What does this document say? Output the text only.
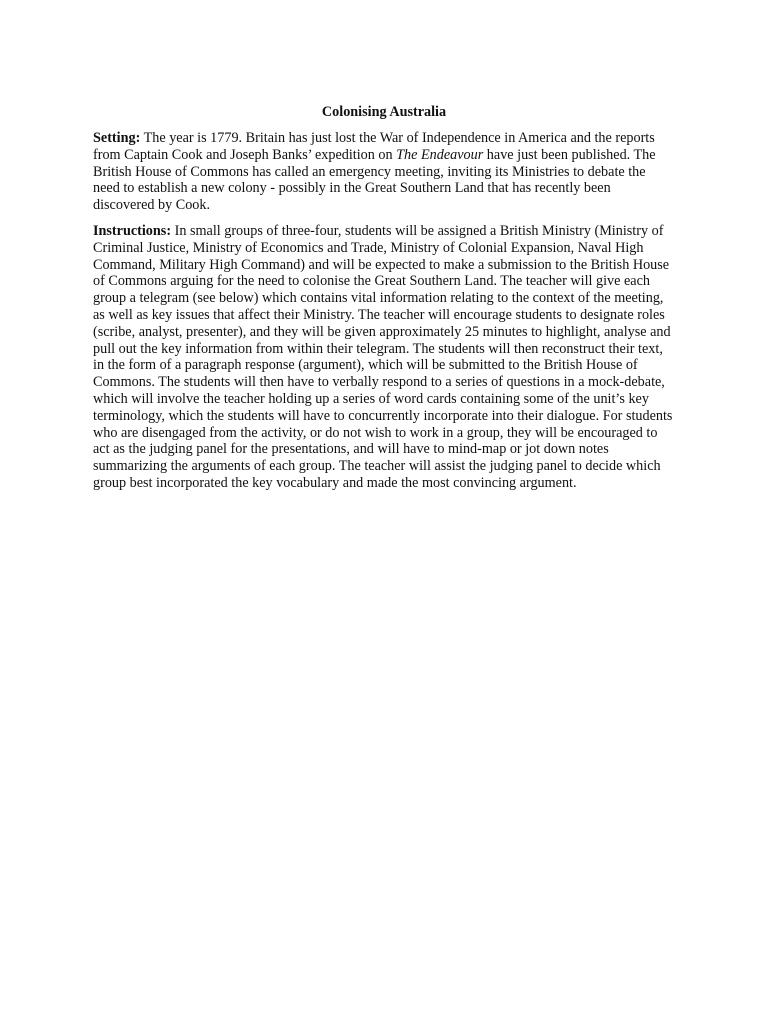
Colonising Australia

Setting: The year is 1779. Britain has just lost the War of Independence in America and the reports from Captain Cook and Joseph Banks’ expedition on The Endeavour have just been published. The British House of Commons has called an emergency meeting, inviting its Ministries to debate the need to establish a new colony - possibly in the Great Southern Land that has recently been discovered by Cook.

Instructions: In small groups of three-four, students will be assigned a British Ministry (Ministry of Criminal Justice, Ministry of Economics and Trade, Ministry of Colonial Expansion, Naval High Command, Military High Command) and will be expected to make a submission to the British House of Commons arguing for the need to colonise the Great Southern Land. The teacher will give each group a telegram (see below) which contains vital information relating to the context of the meeting, as well as key issues that affect their Ministry. The teacher will encourage students to designate roles (scribe, analyst, presenter), and they will be given approximately 25 minutes to highlight, analyse and pull out the key information from within their telegram. The students will then reconstruct their text, in the form of a paragraph response (argument), which will be submitted to the British House of Commons. The students will then have to verbally respond to a series of questions in a mock-debate, which will involve the teacher holding up a series of word cards containing some of the unit’s key terminology, which the students will have to concurrently incorporate into their dialogue. For students who are disengaged from the activity, or do not wish to work in a group, they will be encouraged to act as the judging panel for the presentations, and will have to mind-map or jot down notes summarizing the arguments of each group. The teacher will assist the judging panel to decide which group best incorporated the key vocabulary and made the most convincing argument.
